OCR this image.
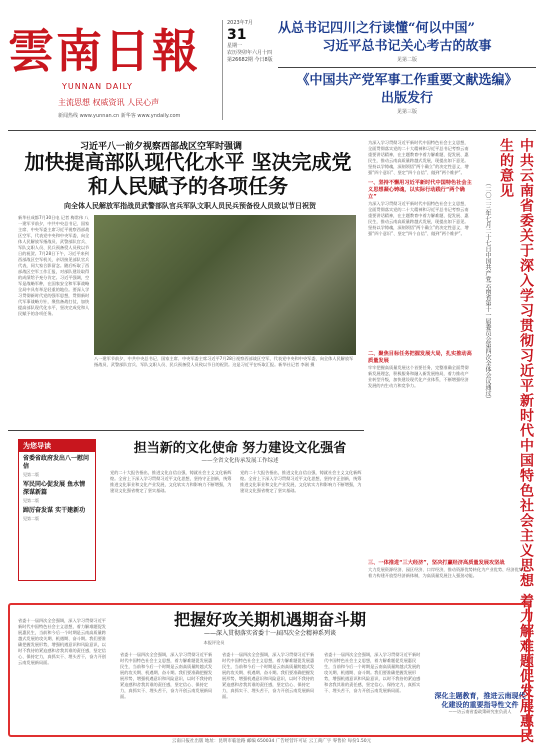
雲南日報
YUNNAN DAILY
主流思想 权威资讯 人民心声
新闻热线 www.yunnan.cn 新华客 www.yndaily.com
2023年7月
31
星期一
农历癸卯年六月十四
第26682期 今日8版
从总书记四川之行读懂“何以中国”
习近平总书记关心考古的故事
见第二版
《中国共产党军事工作重要文献选编》
出版发行
见第三版
习近平八一前夕视察西部战区空军时强调
加快提高部队现代化水平 坚决完成党和人民赋予的各项任务
向全体人民解放军指战员武警部队官兵军队文职人员民兵预备役人员致以节日祝贺
新华社成都7月30日电 记者 梅常伟 八一建军节前夕，中共中央总书记、国家主席、中央军委主席习近平视察西部战区空军，代表党中央和中央军委，向全体人民解放军指战员、武警部队官兵、军队文职人员、民兵预备役人员致以节日的祝贺。7月28日下午，习近平来到西部战区空军机关，亲切接见部队官兵代表，同大家合影留念。随后听取了西部战区空军工作汇报，对部队建设取得的成绩给予充分肯定。习近平强调，空军是战略军种，在国家安全和军事战略全局中具有举足轻重的地位。要深入学习贯彻新时代党的强军思想，贯彻新时代军事战略方针，聚焦备战打仗，加快提高部队现代化水平，坚决完成党和人民赋予的各项任务。
八一建军节前夕，中共中央总书记、国家主席、中央军委主席习近平7月28日视察西部战区空军，代表党中央和中央军委，向全体人民解放军指战员、武警部队官兵、军队文职人员、民兵预备役人员致以节日的祝贺。这是习近平在听取汇报。新华社记者 李刚 摄	中共云南省委关于深入学习贯彻习近平新时代中国特色社会主义思想 着力解难题促发展惠民生的意见
（二〇二三年七月二十七日中国共产党云南省第十一届委员会第四次全体会议通过）
为深入学习贯彻习近平新时代中国特色社会主义思想，全面贯彻落实党的二十大精神和习近平总书记考察云南重要讲话精神，在主题教育中着力解难题、促发展、惠民生，推动云南高质量跨越式发展，现提出如下意见。坚持以学铸魂，深刻领悟“两个确立”的决定性意义，增强“四个意识”、坚定“四个自信”、做到“两个维护”。
一、坚持不懈用习近平新时代中国特色社会主义思想凝心铸魂，以实际行动践行“两个确立”
为深入学习贯彻习近平新时代中国特色社会主义思想，全面贯彻落实党的二十大精神和习近平总书记考察云南重要讲话精神，在主题教育中着力解难题、促发展、惠民生，推动云南高质量跨越式发展，现提出如下意见。坚持以学铸魂，深刻领悟“两个确立”的决定性意义，增强“四个意识”、坚定“四个自信”、做到“两个维护”。
二、聚焦目标任务把握发展大局，扎实推动高质量发展
牢牢把握高质量发展这个首要任务，完整准确全面贯彻新发展理念，积极服务和融入新发展格局，着力推动产业转型升级，加快建设现代化产业体系，不断增强经济发展的内生动力和竞争力。
三、一体推进“三大经济”，坚决打赢经济高质量发展攻坚战
大力发展资源经济、园区经济、口岸经济，推动资源优势转化为产业优势、经济优势，着力构建开放型经济新体制，为高质量发展注入强劲动能。
为您导读
省委省政府发出八一慰问信
见第二版
军民同心促发展 鱼水情深谋新篇
见第二版
踔厉奋发谋 实干建新功
见第二版
担当新的文化使命 努力建设文化强省
——全省文化传承发展工作综述
党的二十大报告指出，推进文化自信自强，铸就社会主义文化新辉煌。全省上下深入学习贯彻习近平文化思想，坚持守正创新，统筹推进文化事业和文化产业发展，文化软实力和影响力不断增强，为建设文化强省奠定了坚实基础。
党的二十大报告指出，推进文化自信自强，铸就社会主义文化新辉煌。全省上下深入学习贯彻习近平文化思想，坚持守正创新，统筹推进文化事业和文化产业发展，文化软实力和影响力不断增强，为建设文化强省奠定了坚实基础。
把握好攻关期机遇期奋斗期
——深入贯彻落实省委十一届四次全会精神系列谈
本报评论员
省委十一届四次全会强调，深入学习贯彻习近平新时代中国特色社会主义思想，着力解难题促发展惠民生，当前和今后一个时期是云南高质量跨越式发展的攻关期、机遇期、奋斗期。我们要准确把握发展形势，增强机遇意识和风险意识，以时不我待的紧迫感和舍我其谁的责任感，坚定信心、保持定力，真抓实干、埋头苦干，奋力开创云南发展新局面。
省委十一届四次全会强调，深入学习贯彻习近平新时代中国特色社会主义思想，着力解难题促发展惠民生，当前和今后一个时期是云南高质量跨越式发展的攻关期、机遇期、奋斗期。我们要准确把握发展形势，增强机遇意识和风险意识，以时不我待的紧迫感和舍我其谁的责任感，坚定信心、保持定力，真抓实干、埋头苦干，奋力开创云南发展新局面。
省委十一届四次全会强调，深入学习贯彻习近平新时代中国特色社会主义思想，着力解难题促发展惠民生，当前和今后一个时期是云南高质量跨越式发展的攻关期、机遇期、奋斗期。我们要准确把握发展形势，增强机遇意识和风险意识，以时不我待的紧迫感和舍我其谁的责任感，坚定信心、保持定力，真抓实干、埋头苦干，奋力开创云南发展新局面。
省委十一届四次全会强调，深入学习贯彻习近平新时代中国特色社会主义思想，着力解难题促发展惠民生，当前和今后一个时期是云南高质量跨越式发展的攻关期、机遇期、奋斗期。我们要准确把握发展形势，增强机遇意识和风险意识，以时不我待的紧迫感和舍我其谁的责任感，坚定信心、保持定力，真抓实干、埋头苦干，奋力开创云南发展新局面。
深化主题教育，推进云南现代化建设的重要指导性文件
——访云南省委政策研究室负责人
云南日报社出版 地址：昆明市临沧路 邮编 650034 广告经营许可证 云工商广字 零售价 每份1.50元
